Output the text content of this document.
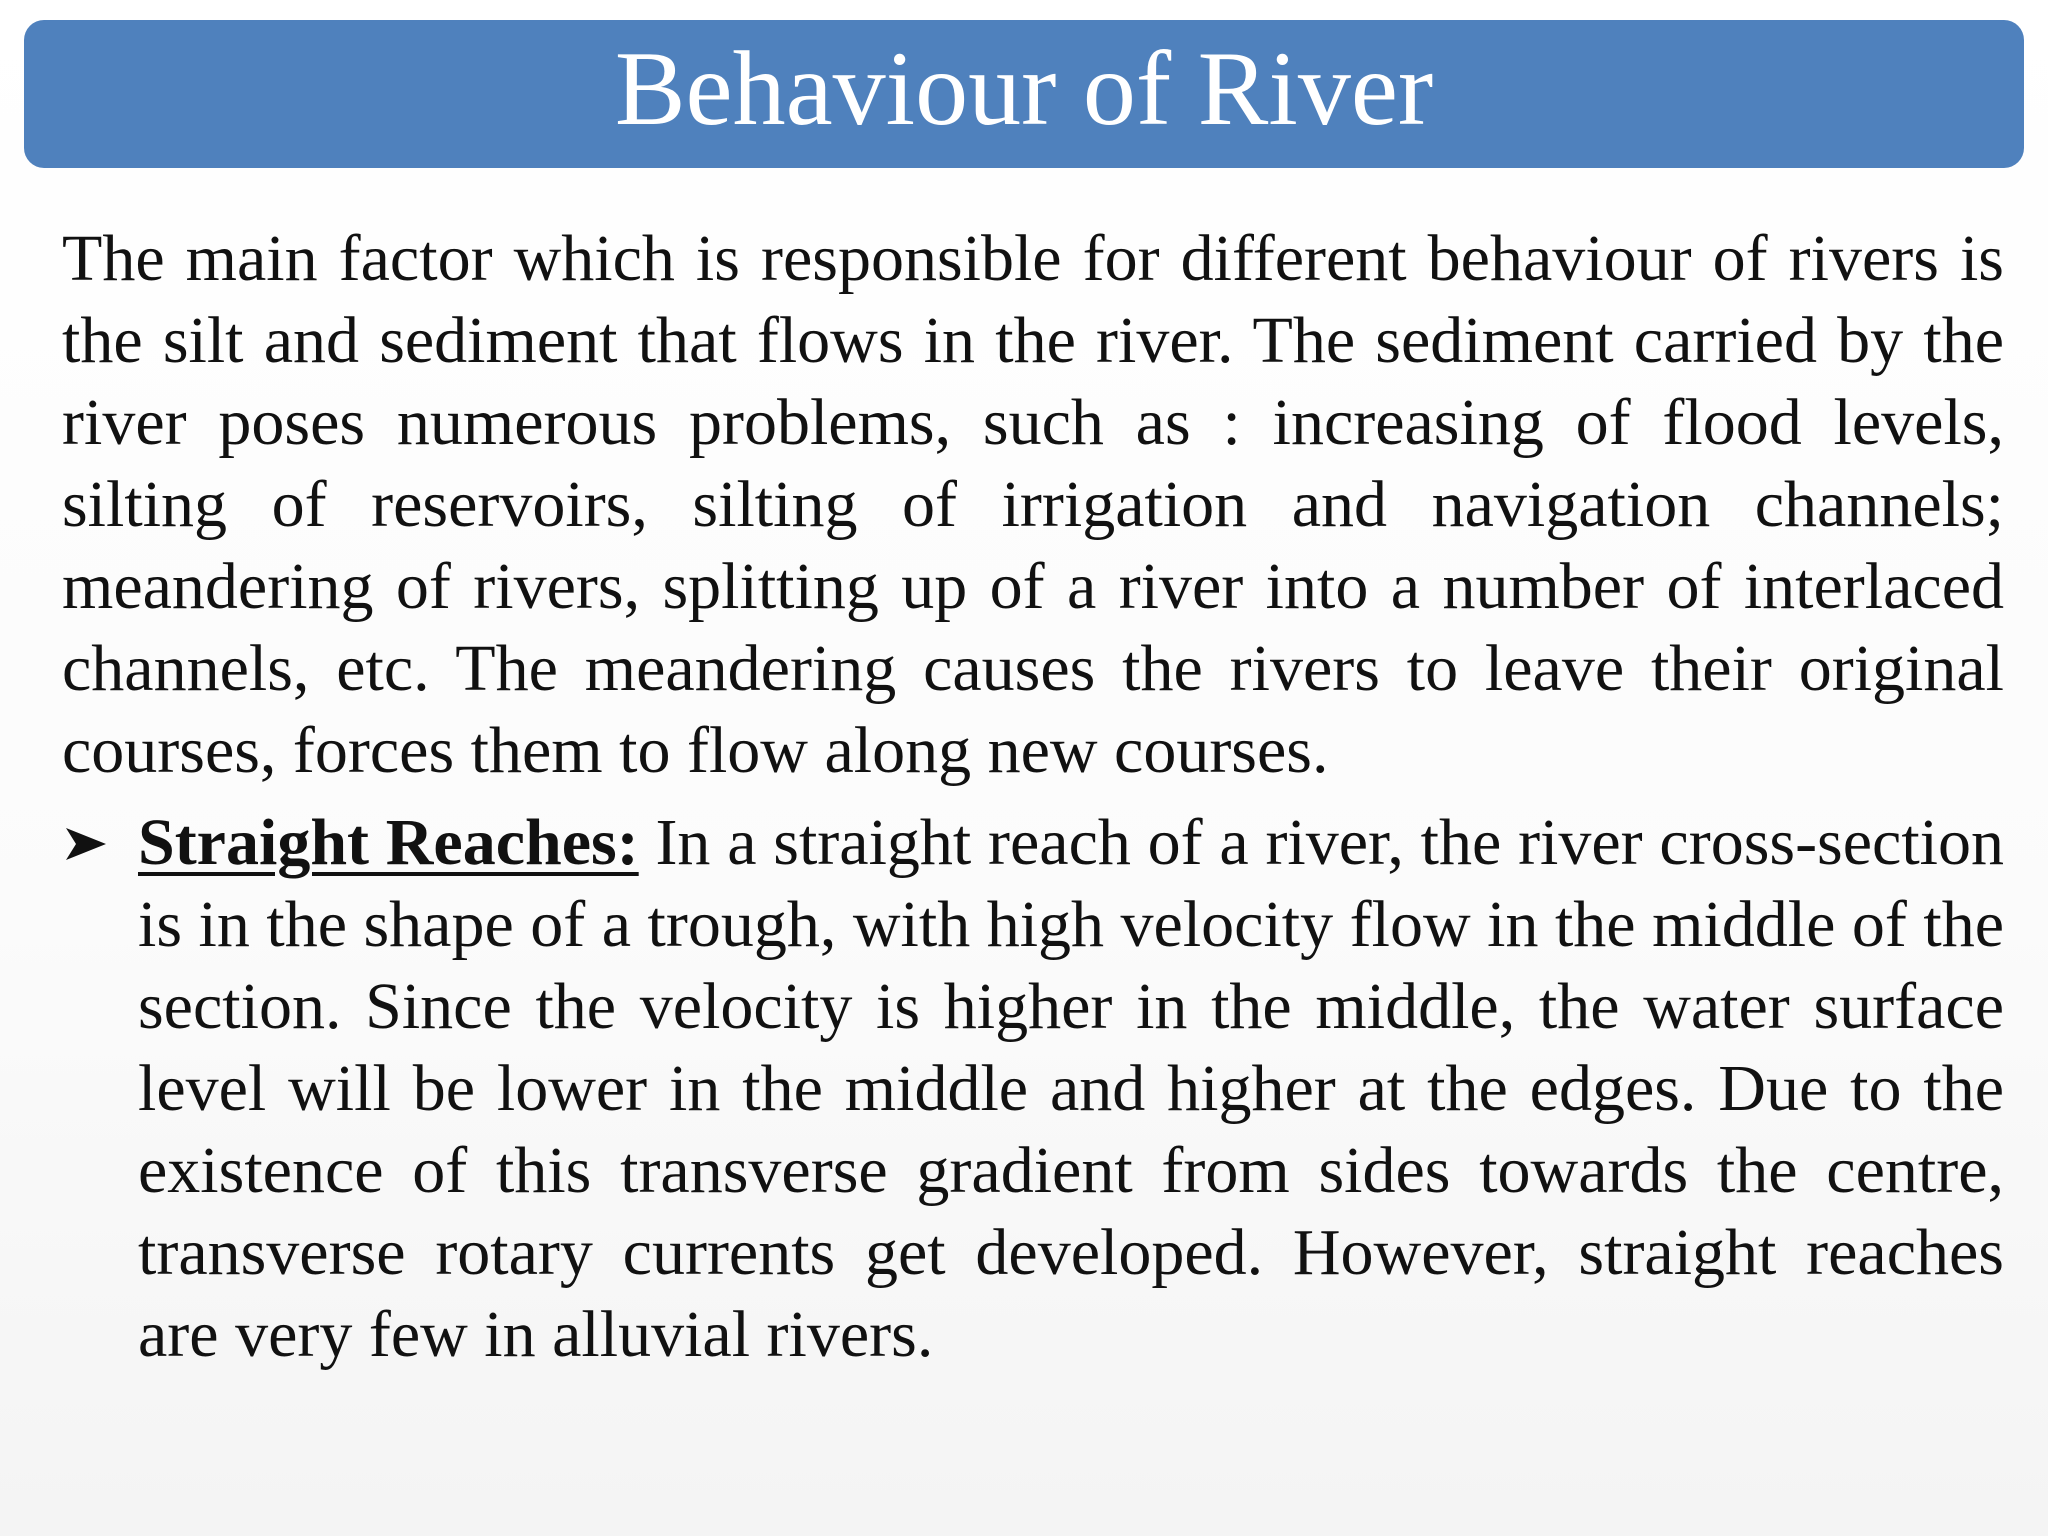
Behaviour of River

The main factor which is responsible for different behaviour of rivers is the silt and sediment that flows in the river. The sediment carried by the river poses numerous problems, such as : increasing of flood levels, silting of reservoirs, silting of irrigation and navigation channels; meandering of rivers, splitting up of a river into a number of interlaced channels, etc. The meandering causes the rivers to leave their original courses, forces them to flow along new courses.

Straight Reaches: In a straight reach of a river, the river cross-section is in the shape of a trough, with high velocity flow in the middle of the section. Since the velocity is higher in the middle, the water surface level will be lower in the middle and higher at the edges. Due to the existence of this transverse gradient from sides towards the centre, transverse rotary currents get developed. However, straight reaches are very few in alluvial rivers.
